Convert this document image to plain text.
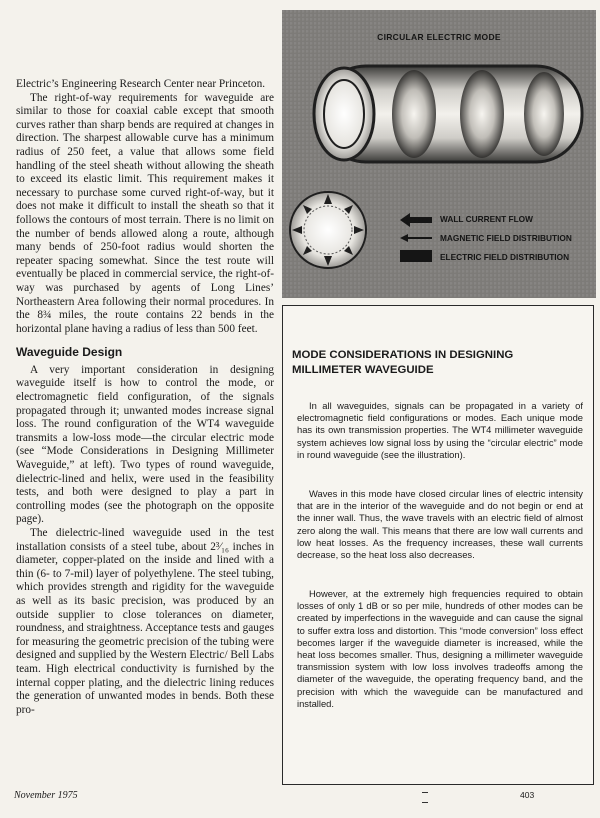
Electric’s Engineering Research Center near Princeton.

The right-of-way requirements for waveguide are similar to those for coaxial cable except that smooth curves rather than sharp bends are required at changes in direction. The sharpest allowable curve has a minimum radius of 250 feet, a value that allows some field handling of the steel sheath without allowing the sheath to exceed its elastic limit. This requirement makes it necessary to purchase some curved right-of-way, but it does not make it difficult to install the sheath so that it follows the contours of most terrain. There is no limit on the number of bends allowed along a route, although many bends of 250-foot radius would shorten the repeater spacing somewhat. Since the test route will eventually be placed in commercial service, the right-of-way was purchased by agents of Long Lines’ Northeastern Area following their normal procedures. In the 8¾ miles, the route contains 22 bends in the horizontal plane having a radius of less than 500 feet.

Waveguide Design

A very important consideration in designing waveguide itself is how to control the mode, or electromagnetic field configuration, of the signals propagated through it; unwanted modes increase signal loss. The round configuration of the WT4 waveguide transmits a low-loss mode—the circular electric mode (see “Mode Considerations in Designing Millimeter Waveguide,” at left). Two types of round waveguide, dielectric-lined and helix, were used in the feasibility tests, and both were designed to play a part in controlling modes (see the photograph on the opposite page).

The dielectric-lined waveguide used in the test installation consists of a steel tube, about 2³⁄₁₆ inches in diameter, copper-plated on the inside and lined with a thin (6- to 7-mil) layer of polyethylene. The steel tubing, which provides strength and rigidity for the waveguide as well as its basic precision, was produced by an outside supplier to close tolerances on diameter, roundness, and straightness. Acceptance tests and gauges for measuring the geometric precision of the tubing were designed and supplied by the Western Electric/ Bell Labs team. High electrical conductivity is furnished by the internal copper plating, and the dielectric lining reduces the generation of unwanted modes in bends. Both these pro-

CIRCULAR ELECTRIC MODE
WALL CURRENT FLOW
MAGNETIC FIELD DISTRIBUTION
ELECTRIC FIELD DISTRIBUTION
MODE CONSIDERATIONS IN DESIGNING MILLIMETER WAVEGUIDE

In all waveguides, signals can be propagated in a variety of electromagnetic field configurations or modes. Each unique mode has its own transmission properties. The WT4 millimeter waveguide system achieves low signal loss by using the “circular electric” mode in round waveguide (see the illustration).

Waves in this mode have closed circular lines of electric intensity that are in the interior of the waveguide and do not begin or end at the inner wall. Thus, the wave travels with an electric field of almost zero along the wall. This means that there are low wall currents and low heat losses. As the frequency increases, these wall currents decrease, so the heat loss also decreases.

However, at the extremely high frequencies required to obtain losses of only 1 dB or so per mile, hundreds of other modes can be created by imperfections in the waveguide and can cause the signal to suffer extra loss and distortion. This “mode conversion” loss effect becomes larger if the waveguide diameter is increased, while the heat loss becomes smaller. Thus, designing a millimeter waveguide transmission system with low loss involves tradeoffs among the diameter of the waveguide, the operating frequency band, and the precision with which the waveguide can be manufactured and installed.

November 1975	403
